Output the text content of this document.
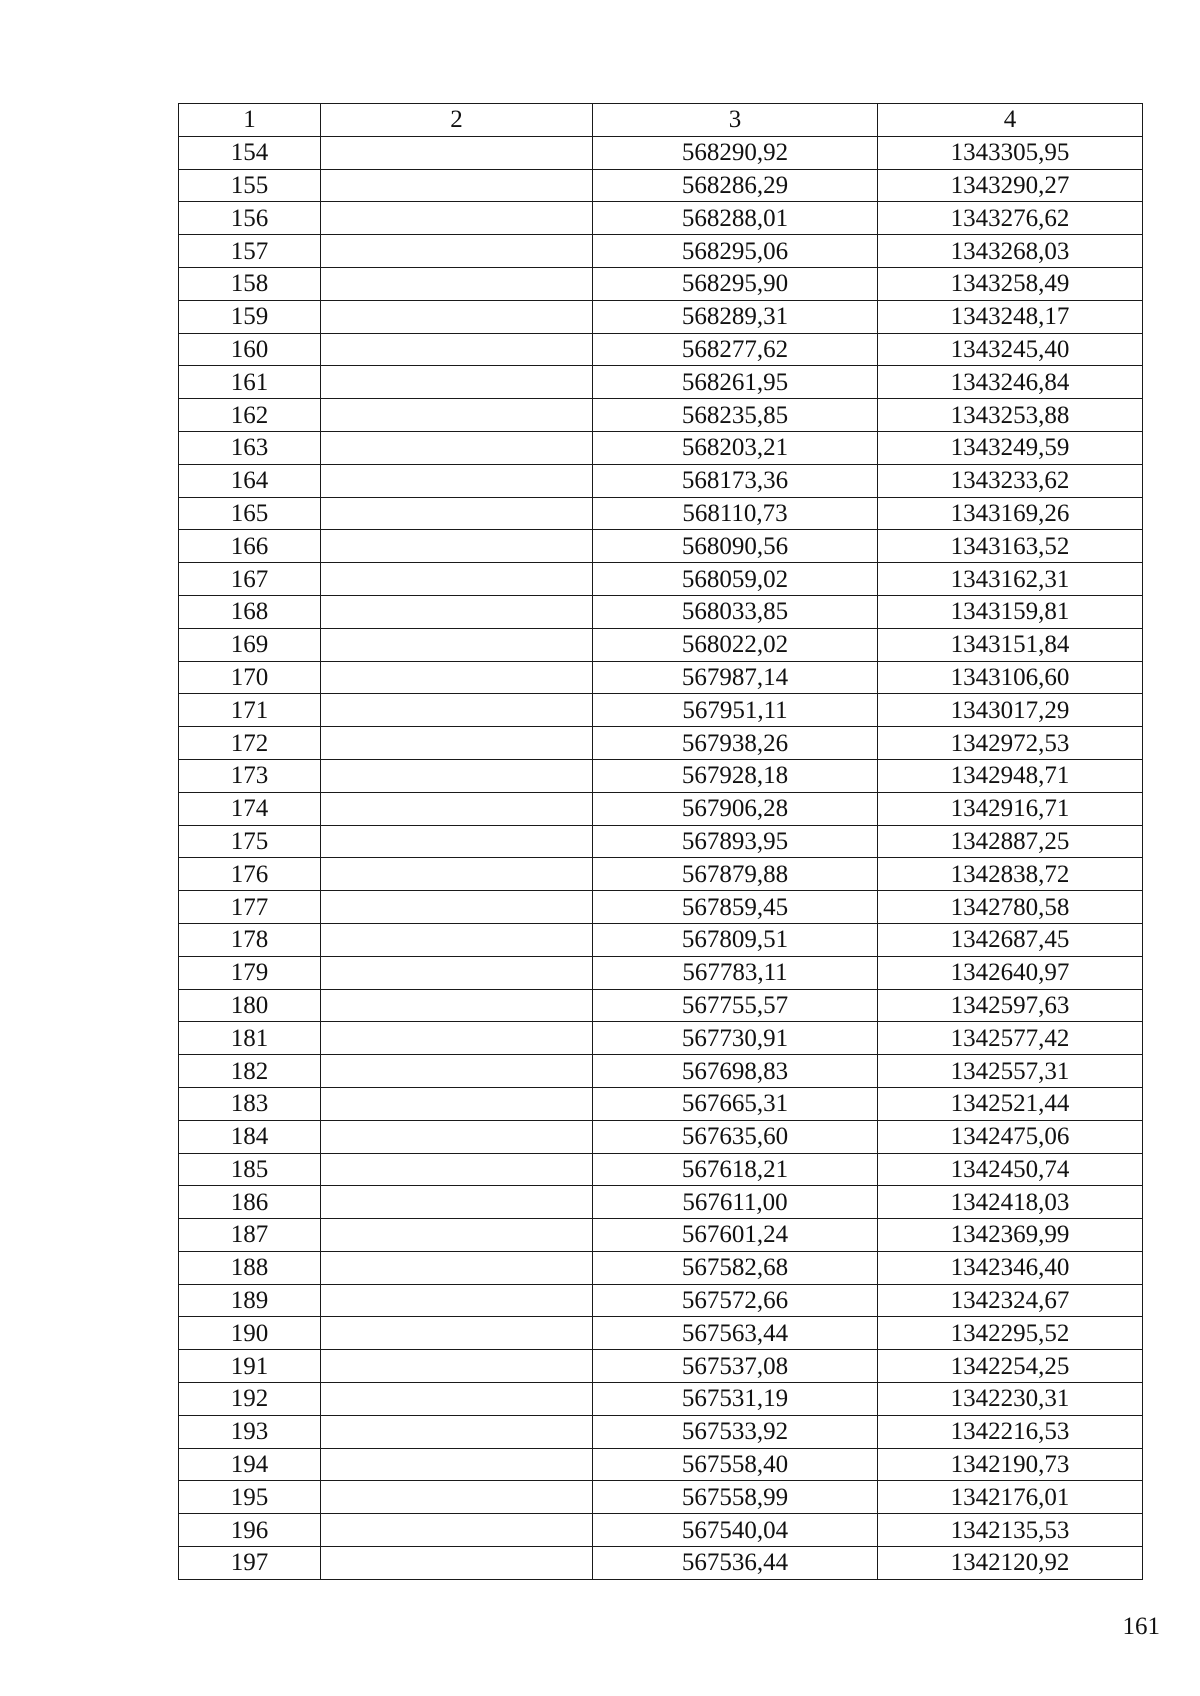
1	2	3	4
154		568290,92	1343305,95
155		568286,29	1343290,27
156		568288,01	1343276,62
157		568295,06	1343268,03
158		568295,90	1343258,49
159		568289,31	1343248,17
160		568277,62	1343245,40
161		568261,95	1343246,84
162		568235,85	1343253,88
163		568203,21	1343249,59
164		568173,36	1343233,62
165		568110,73	1343169,26
166		568090,56	1343163,52
167		568059,02	1343162,31
168		568033,85	1343159,81
169		568022,02	1343151,84
170		567987,14	1343106,60
171		567951,11	1343017,29
172		567938,26	1342972,53
173		567928,18	1342948,71
174		567906,28	1342916,71
175		567893,95	1342887,25
176		567879,88	1342838,72
177		567859,45	1342780,58
178		567809,51	1342687,45
179		567783,11	1342640,97
180		567755,57	1342597,63
181		567730,91	1342577,42
182		567698,83	1342557,31
183		567665,31	1342521,44
184		567635,60	1342475,06
185		567618,21	1342450,74
186		567611,00	1342418,03
187		567601,24	1342369,99
188		567582,68	1342346,40
189		567572,66	1342324,67
190		567563,44	1342295,52
191		567537,08	1342254,25
192		567531,19	1342230,31
193		567533,92	1342216,53
194		567558,40	1342190,73
195		567558,99	1342176,01
196		567540,04	1342135,53
197		567536,44	1342120,92
161
